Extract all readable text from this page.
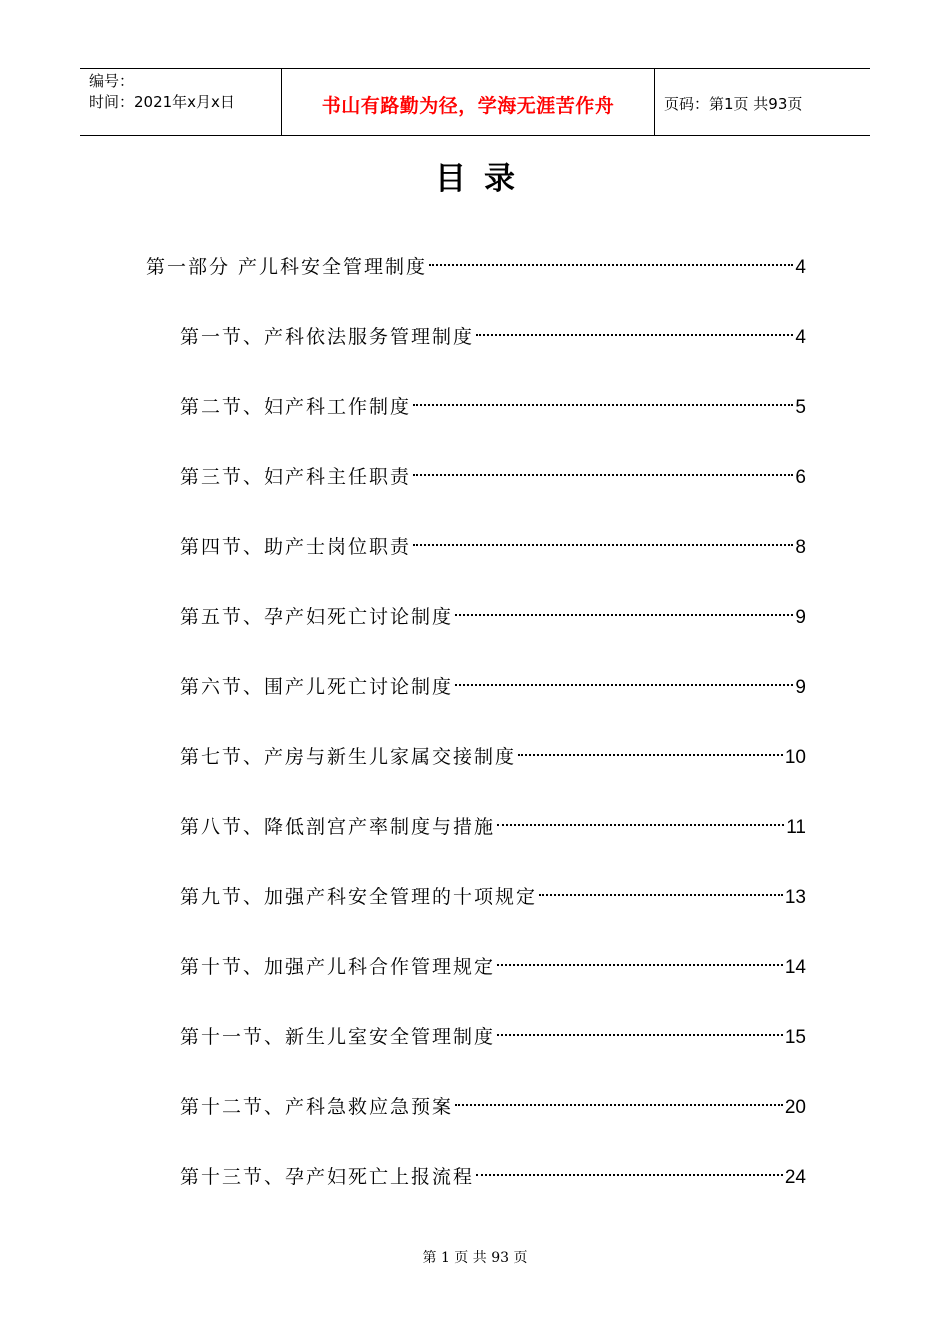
编号：
时间：2021年x月x日	书山有路勤为径，学海无涯苦作舟	页码：第1页 共93页
目录
第一部分 产儿科安全管理制度	4
第一节、产科依法服务管理制度	4
第二节、妇产科工作制度	5
第三节、妇产科主任职责	6
第四节、助产士岗位职责	8
第五节、孕产妇死亡讨论制度	9
第六节、围产儿死亡讨论制度	9
第七节、产房与新生儿家属交接制度	10
第八节、降低剖宫产率制度与措施	11
第九节、加强产科安全管理的十项规定	13
第十节、加强产儿科合作管理规定	14
第十一节、新生儿室安全管理制度	15
第十二节、产科急救应急预案	20
第十三节、孕产妇死亡上报流程	24
第 1 页 共 93 页
